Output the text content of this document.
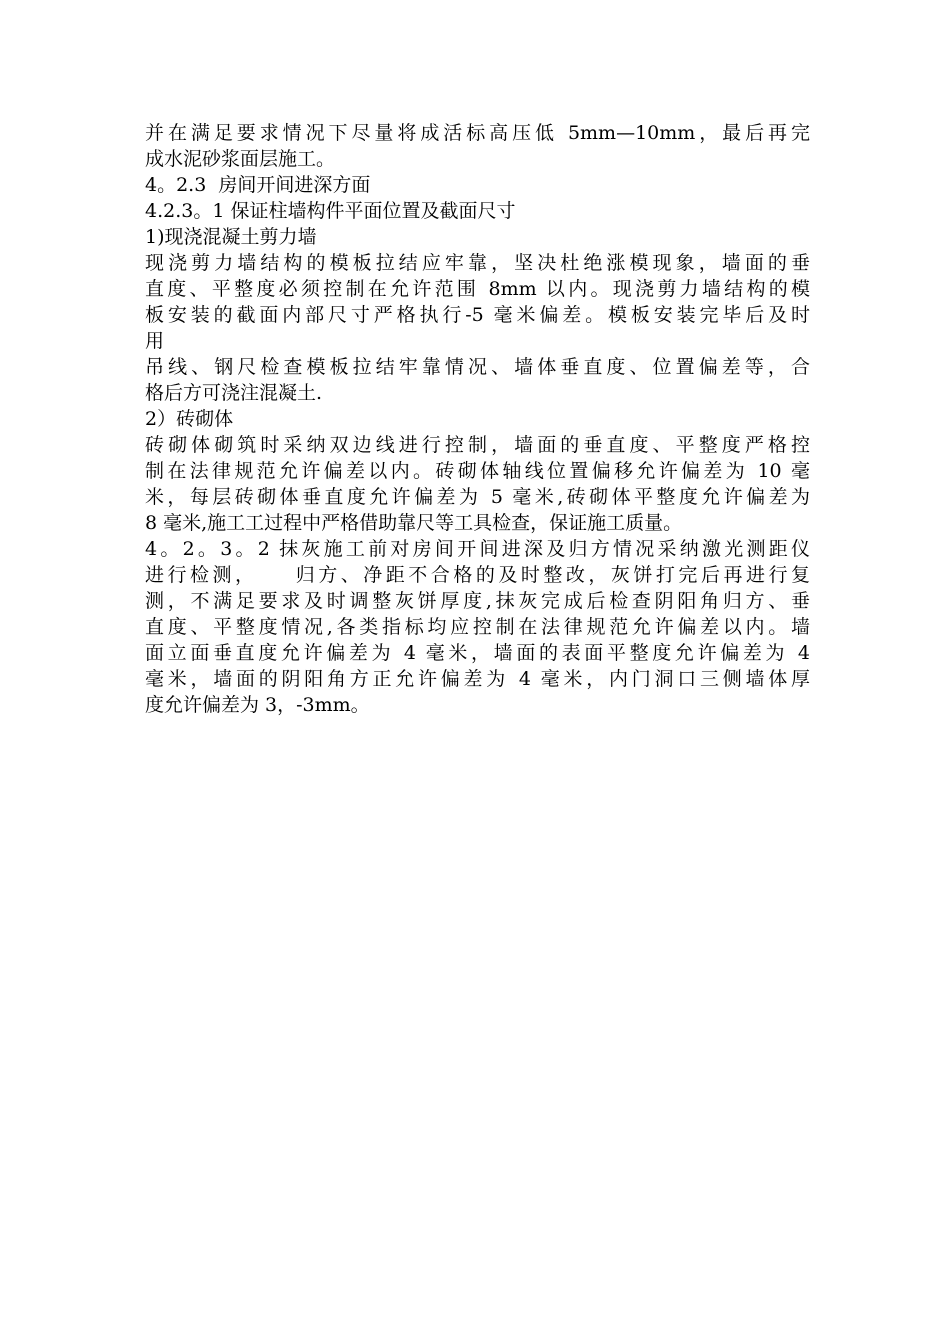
并在满足要求情况下尽量将成活标高压低 5mm—10mm，最后再完
成水泥砂浆面层施工。
4。2.3  房间开间进深方面
4.2.3。1 保证柱墙构件平面位置及截面尺寸
1)现浇混凝土剪力墙
现浇剪力墙结构的模板拉结应牢靠，坚决杜绝涨模现象，墙面的垂
直度、平整度必须控制在允许范围 8mm 以内。现浇剪力墙结构的模
板安装的截面内部尺寸严格执行-5 毫米偏差。模板安装完毕后及时
用
吊线、钢尺检查模板拉结牢靠情况、墙体垂直度、位置偏差等，合
格后方可浇注混凝土.
2）砖砌体
砖砌体砌筑时采纳双边线进行控制，墙面的垂直度、平整度严格控
制在法律规范允许偏差以内。砖砌体轴线位置偏移允许偏差为 10 毫
米，每层砖砌体垂直度允许偏差为 5 毫米,砖砌体平整度允许偏差为
8 毫米,施工工过程中严格借助靠尺等工具检查，保证施工质量。
4。2。3。2 抹灰施工前对房间开间进深及归方情况采纳激光测距仪
进行检测，    归方、净距不合格的及时整改，灰饼打完后再进行复
测，不满足要求及时调整灰饼厚度,抹灰完成后检查阴阳角归方、垂
直度、平整度情况,各类指标均应控制在法律规范允许偏差以内。墙
面立面垂直度允许偏差为 4 毫米，墙面的表面平整度允许偏差为 4
毫米，墙面的阴阳角方正允许偏差为 4 毫米，内门洞口三侧墙体厚
度允许偏差为 3，-3mm。
